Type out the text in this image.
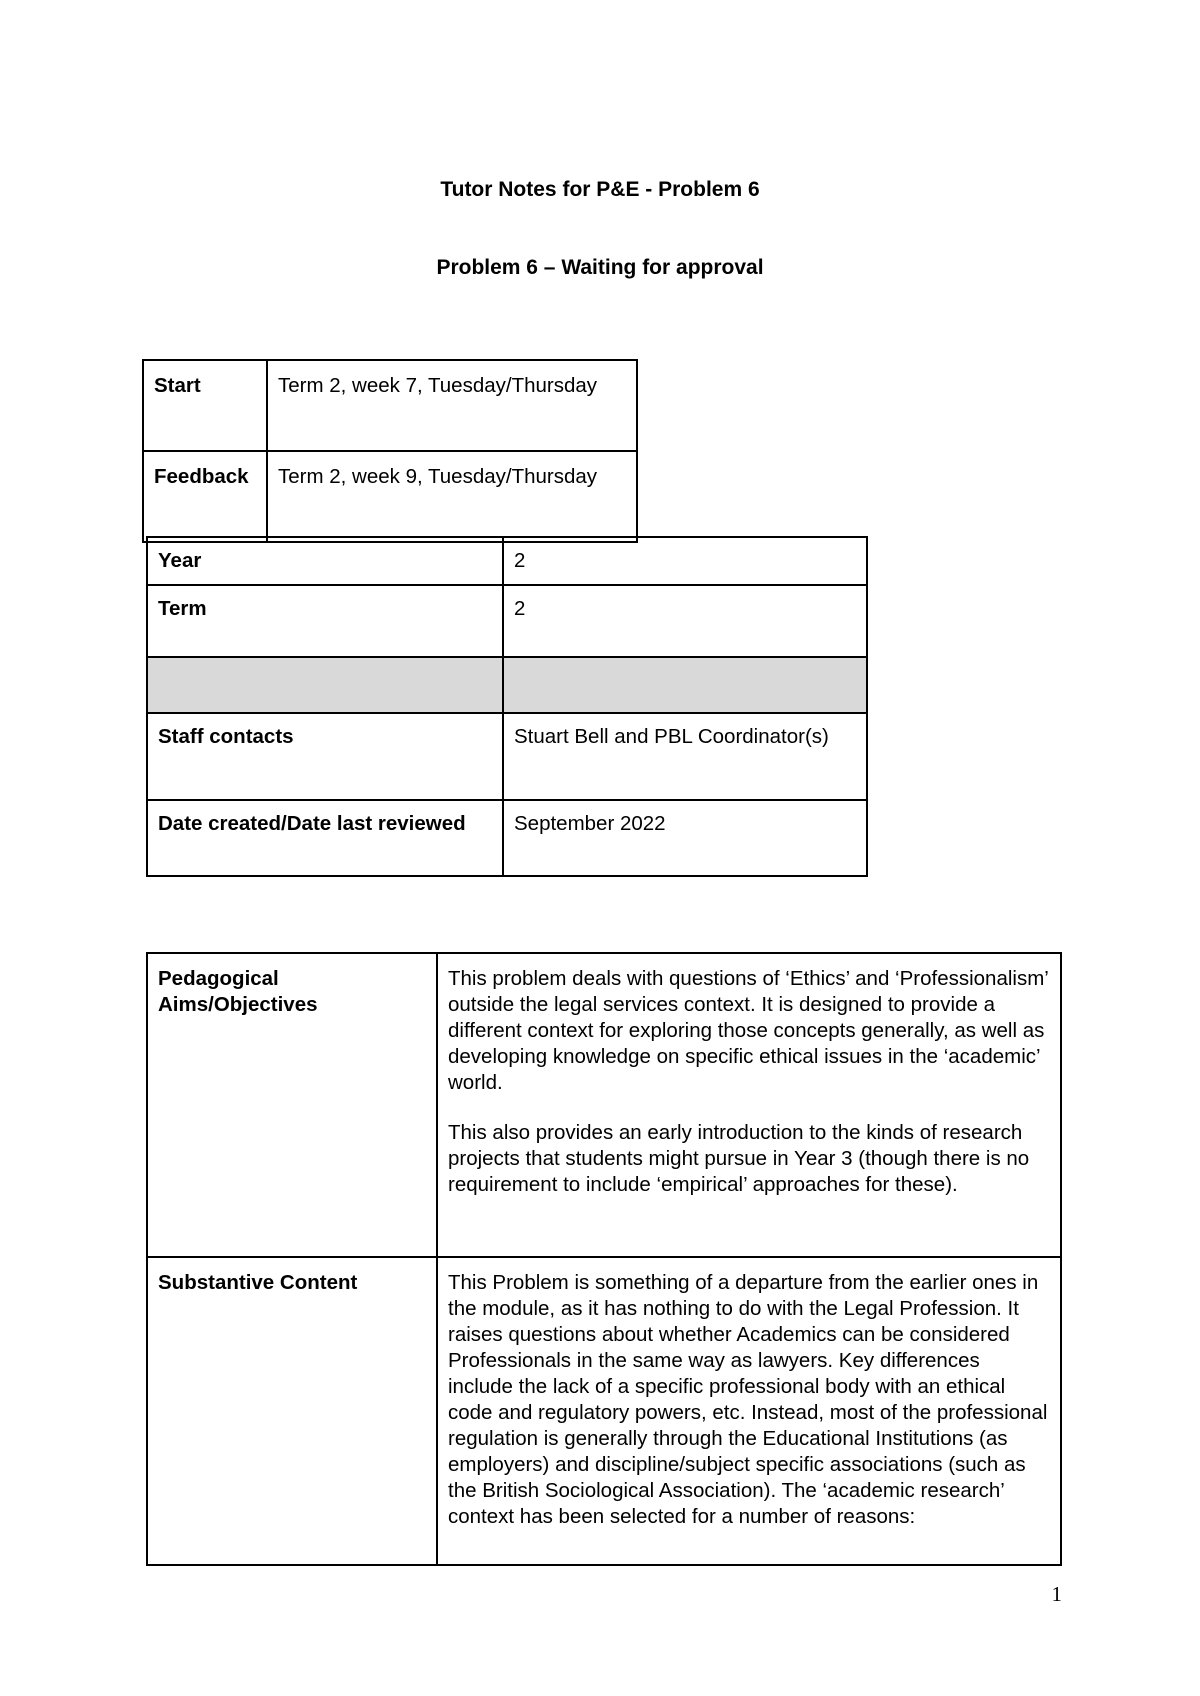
Tutor Notes for P&E - Problem 6
Problem 6 – Waiting for approval
Start	Term 2, week 7, Tuesday/Thursday
Feedback	Term 2, week 9, Tuesday/Thursday
Year	2
Term	2

Staff contacts	Stuart Bell and PBL Coordinator(s)
Date created/Date last reviewed	September 2022
Pedagogical Aims/Objectives	This problem deals with questions of ‘Ethics’ and ‘Professionalism’ outside the legal services context. It is designed to provide a different context for exploring those concepts generally, as well as developing knowledge on specific ethical issues in the ‘academic’ world.

This also provides an early introduction to the kinds of research projects that students might pursue in Year 3 (though there is no requirement to include ‘empirical’ approaches for these).

Substantive Content	This Problem is something of a departure from the earlier ones in the module, as it has nothing to do with the Legal Profession. It raises questions about whether Academics can be considered Professionals in the same way as lawyers. Key differences include the lack of a specific professional body with an ethical code and regulatory powers, etc. Instead, most of the professional regulation is generally through the Educational Institutions (as employers) and discipline/subject specific associations (such as the British Sociological Association). The ‘academic research’ context has been selected for a number of reasons:

1
